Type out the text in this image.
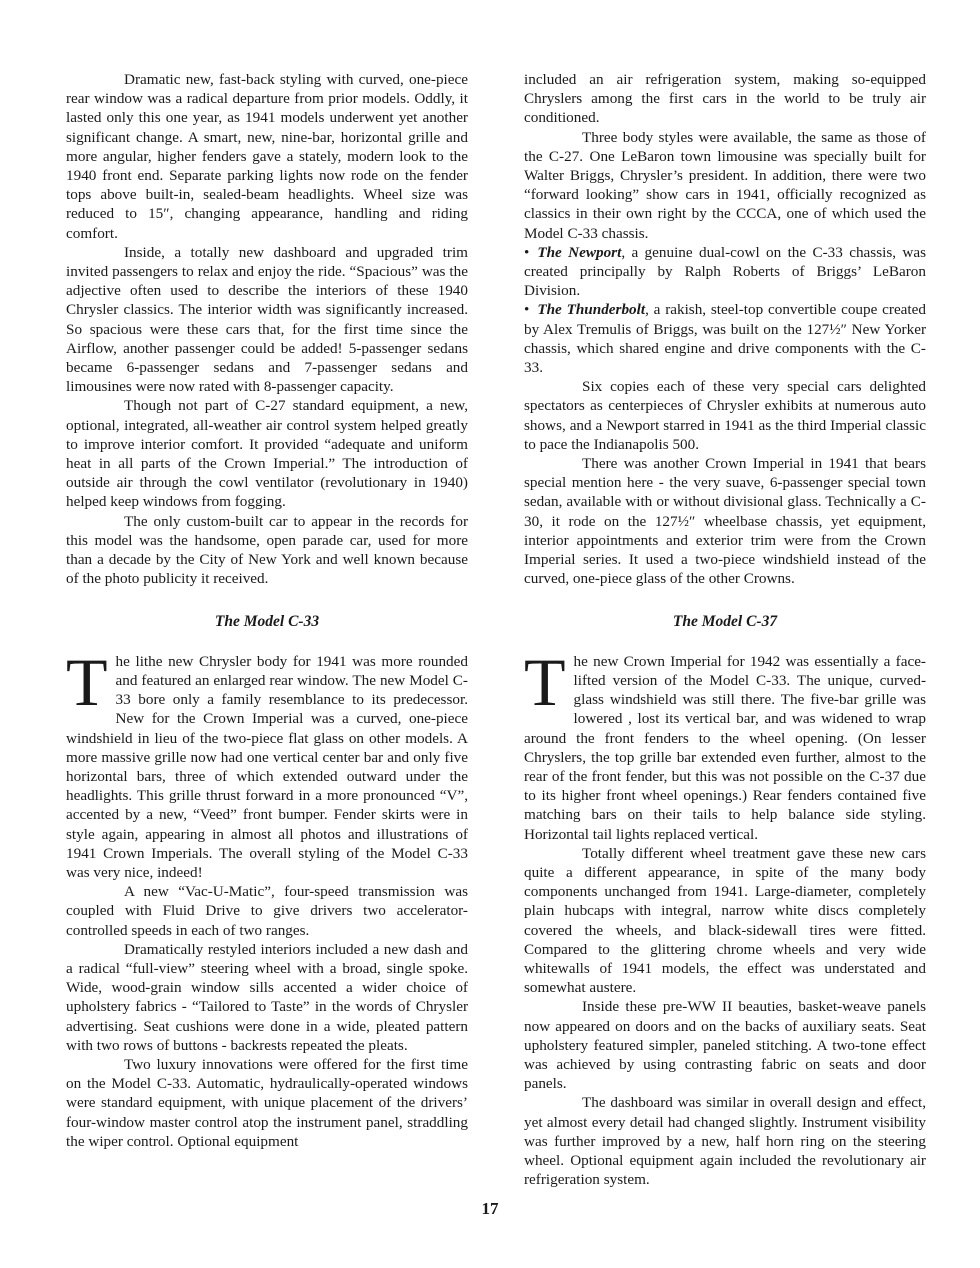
Dramatic new, fast-back styling with curved, one-piece rear window was a radical departure from prior models. Oddly, it lasted only this one year, as 1941 models underwent yet another significant change. A smart, new, nine-bar, horizontal grille and more angular, higher fenders gave a stately, modern look to the 1940 front end. Separate parking lights now rode on the fender tops above built-in, sealed-beam headlights. Wheel size was reduced to 15″, changing appearance, handling and riding comfort.

Inside, a totally new dashboard and upgraded trim invited passengers to relax and enjoy the ride. “Spacious” was the adjective often used to describe the interiors of these 1940 Chrysler classics. The interior width was significantly increased. So spacious were these cars that, for the first time since the Airflow, another passenger could be added! 5-passenger sedans became 6-passenger sedans and 7-passenger sedans and limousines were now rated with 8-passenger capacity.

Though not part of C-27 standard equipment, a new, optional, integrated, all-weather air control system helped greatly to improve interior comfort. It provided “adequate and uniform heat in all parts of the Crown Imperial.” The introduction of outside air through the cowl ventilator (revolutionary in 1940) helped keep windows from fogging.

The only custom-built car to appear in the records for this model was the handsome, open parade car, used for more than a decade by the City of New York and well known because of the photo publicity it received.

The Model C-33

The lithe new Chrysler body for 1941 was more rounded and featured an enlarged rear window. The new Model C-33 bore only a family resemblance to its predecessor. New for the Crown Imperial was a curved, one-piece windshield in lieu of the two-piece flat glass on other models. A more massive grille now had one vertical center bar and only five horizontal bars, three of which extended outward under the headlights. This grille thrust forward in a more pronounced “V”, accented by a new, “Veed” front bumper. Fender skirts were in style again, appearing in almost all photos and illustrations of 1941 Crown Imperials. The overall styling of the Model C-33 was very nice, indeed!

A new “Vac-U-Matic”, four-speed transmission was coupled with Fluid Drive to give drivers two accelerator-controlled speeds in each of two ranges.

Dramatically restyled interiors included a new dash and a radical “full-view” steering wheel with a broad, single spoke. Wide, wood-grain window sills accented a wider choice of upholstery fabrics - “Tailored to Taste” in the words of Chrysler advertising. Seat cushions were done in a wide, pleated pattern with two rows of buttons - backrests repeated the pleats.

Two luxury innovations were offered for the first time on the Model C-33. Automatic, hydraulically-operated windows were standard equipment, with unique placement of the drivers’ four-window master control atop the instrument panel, straddling the wiper control. Optional equipment

included an air refrigeration system, making so-equipped Chryslers among the first cars in the world to be truly air conditioned.

Three body styles were available, the same as those of the C-27. One LeBaron town limousine was specially built for Walter Briggs, Chrysler’s president. In addition, there were two “forward looking” show cars in 1941, officially recognized as classics in their own right by the CCCA, one of which used the Model C-33 chassis.

• The Newport, a genuine dual-cowl on the C-33 chassis, was created principally by Ralph Roberts of Briggs’ LeBaron Division.

• The Thunderbolt, a rakish, steel-top convertible coupe created by Alex Tremulis of Briggs, was built on the 127½″ New Yorker chassis, which shared engine and drive components with the C-33.

Six copies each of these very special cars delighted spectators as centerpieces of Chrysler exhibits at numerous auto shows, and a Newport starred in 1941 as the third Imperial classic to pace the Indianapolis 500.

There was another Crown Imperial in 1941 that bears special mention here - the very suave, 6-passenger special town sedan, available with or without divisional glass. Technically a C-30, it rode on the 127½″ wheelbase chassis, yet equipment, interior appointments and exterior trim were from the Crown Imperial series. It used a two-piece windshield instead of the curved, one-piece glass of the other Crowns.

The Model C-37

The new Crown Imperial for 1942 was essentially a face-lifted version of the Model C-33. The unique, curved-glass windshield was still there. The five-bar grille was lowered , lost its vertical bar, and was widened to wrap around the front fenders to the wheel opening. (On lesser Chryslers, the top grille bar extended even further, almost to the rear of the front fender, but this was not possible on the C-37 due to its higher front wheel openings.) Rear fenders contained five matching bars on their tails to help balance side styling. Horizontal tail lights replaced vertical.

Totally different wheel treatment gave these new cars quite a different appearance, in spite of the many body components unchanged from 1941. Large-diameter, completely plain hubcaps with integral, narrow white discs completely covered the wheels, and black-sidewall tires were fitted. Compared to the glittering chrome wheels and very wide whitewalls of 1941 models, the effect was understated and somewhat austere.

Inside these pre-WW II beauties, basket-weave panels now appeared on doors and on the backs of auxiliary seats. Seat upholstery featured simpler, paneled stitching. A two-tone effect was achieved by using contrasting fabric on seats and door panels.

The dashboard was similar in overall design and effect, yet almost every detail had changed slightly. Instrument visibility was further improved by a new, half horn ring on the steering wheel. Optional equipment again included the revolutionary air refrigeration system.

17
